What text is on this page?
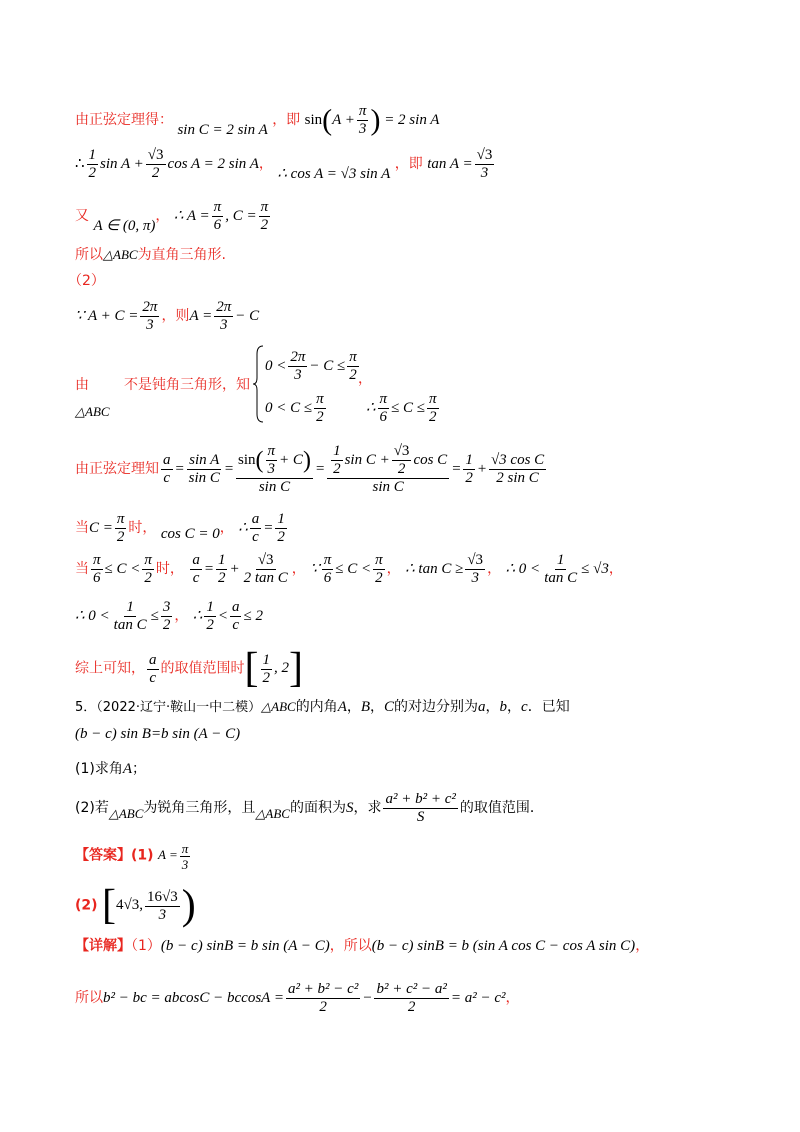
由正弦定理得： sin C = 2 sin A ，即 $\sin(A + \frac{\pi}{3}$ ) = 2 sin A
∴ $\frac{1}{2}$ $\sin A + \frac{√3}{2}$ cos A = 2 sin A， ∴ cos A = √3 sin A ，即 $\tan A = \frac{√3}{3}$
又 A ∈ (0, π)， ∴ $A = \frac{\pi}{6}$ , $C = \frac{\pi}{2}$
所以△ABC为直角三角形.
（2）
∵ $A + C = \frac{2\pi}{3}$ ，则$A = \frac{2\pi}{3} - C$
由	不是钝角三角形，知
△ABC
$0 < \frac{2\pi}{3} - C \le \frac{\pi}{2}$ ，
$0 < C \le \frac{\pi}{2}$	∴ $\frac{\pi}{6} \le C \le \frac{\pi}{2}$
由正弦定理知 $\frac{a}{c} = \frac{\text{sin A}}{\text{sin C}} = \frac{\sin( \frac{\pi}{3} + C)}{\text{sin C}} = \frac{\frac{1}{2} \sin C + \frac{√3}{2} \cos C}{\text{sin C}} = \frac{1}{2} + \frac{\text{√3 cos C}}{\text{2 sin C}}$
当$C = \frac{\pi}{2}$ 时， cos C = 0， ∴ $\frac{a}{c} = \frac{1}{2}$
当 $\frac{\pi}{6} \le C < \frac{\pi}{2}$ 时， $\frac{a}{c} = \frac{1}{2} + \frac{√3}{\text{2 tan C}}$ ， ∵ $\frac{\pi}{6} \le C < \frac{\pi}{2}$ ， ∴ $\tan C \ge \frac{√3}{3}$ ， ∴ $0 < \frac{1}{\text{tan C}} \le √3$，
∴ $0 < \frac{1}{\text{tan C}} \le \frac{3}{2}$ ， ∴ $\frac{1}{2} < \frac{a}{c} \le 2$
综上可知， $\frac{a}{c}$ 的取值范围时[ $\frac{1}{2}$ , 2]
5．（2022·辽宁·鞍山一中二模）△ABC的内角A，B，C的对边分别为a，b，c．已知
(b − c) sin B=b sin (A − C)
(1)求角A；
(2)若△ABC为锐角三角形，且△ABC的面积为S，求 $\frac{\text{a² + b² + c²}}{S}$ 的取值范围．
【答案】(1) $A = \frac{\pi}{3}$
(2) [4√3, $\frac{16√3}{3}$ )
【详解】（1）(b − c) sinB = b sin (A − C)，所以(b − c) sinB = b (sin A cos C − cos A sin C)，
所以b² − bc = $abcosC - bccosA = \frac{\text{a² + b² − c²}}{2} - \frac{\text{b² + c² − a²}}{2} = a^2 - c^2$，
